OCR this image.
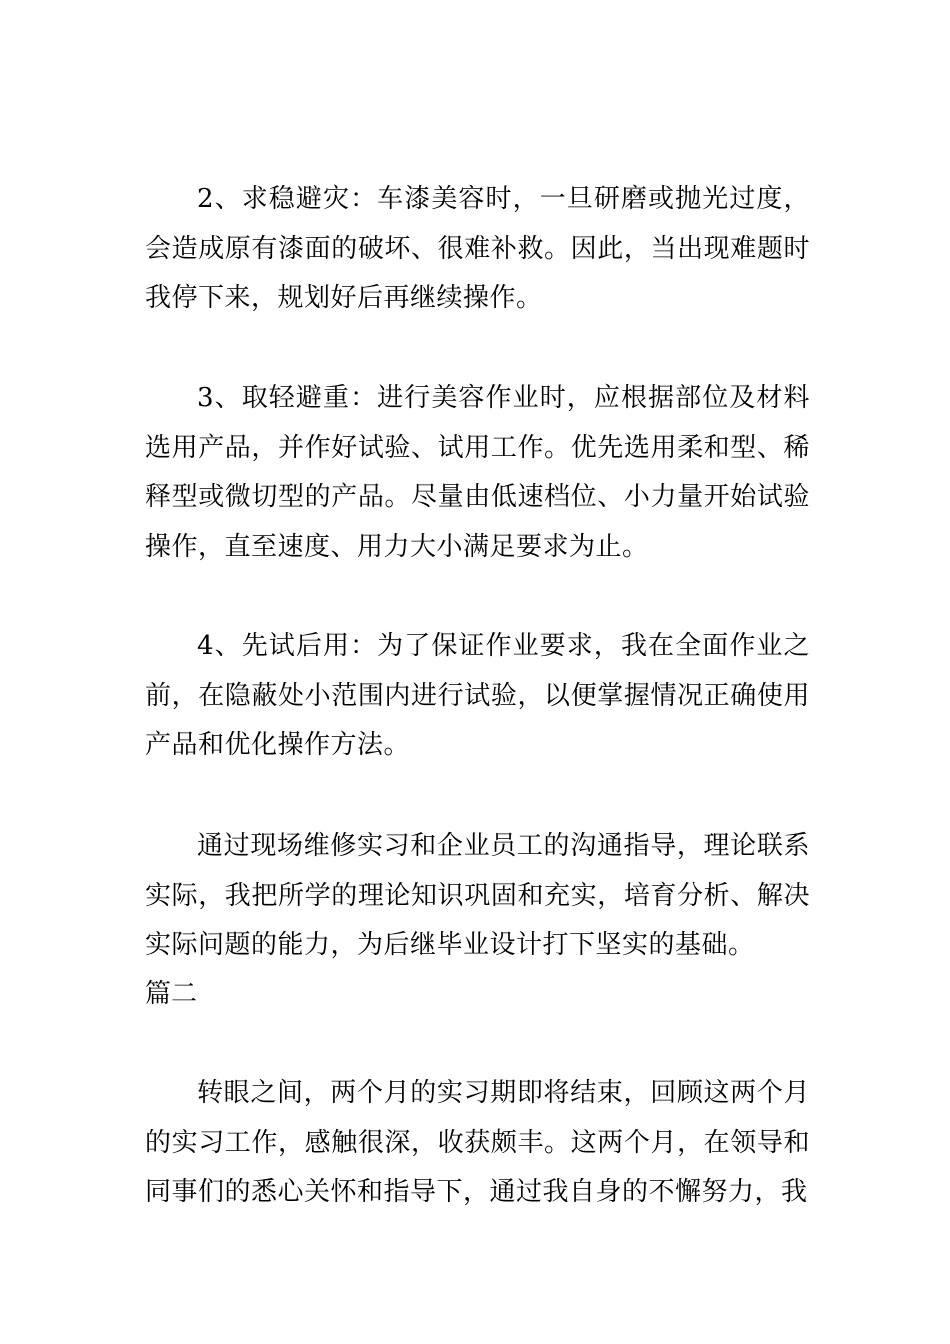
2、求稳避灾：车漆美容时，一旦研磨或抛光过度，会造成原有漆面的破坏、很难补救。因此，当出现难题时我停下来，规划好后再继续操作。

3、取轻避重：进行美容作业时，应根据部位及材料选用产品，并作好试验、试用工作。优先选用柔和型、稀释型或微切型的产品。尽量由低速档位、小力量开始试验操作，直至速度、用力大小满足要求为止。

4、先试后用：为了保证作业要求，我在全面作业之前，在隐蔽处小范围内进行试验，以便掌握情况正确使用产品和优化操作方法。

通过现场维修实习和企业员工的沟通指导，理论联系实际，我把所学的理论知识巩固和充实，培育分析、解决实际问题的能力，为后继毕业设计打下坚实的基础。

篇二

转眼之间，两个月的实习期即将结束，回顾这两个月的实习工作，感触很深，收获颇丰。这两个月，在领导和同事们的悉心关怀和指导下，通过我自身的不懈努力，我
